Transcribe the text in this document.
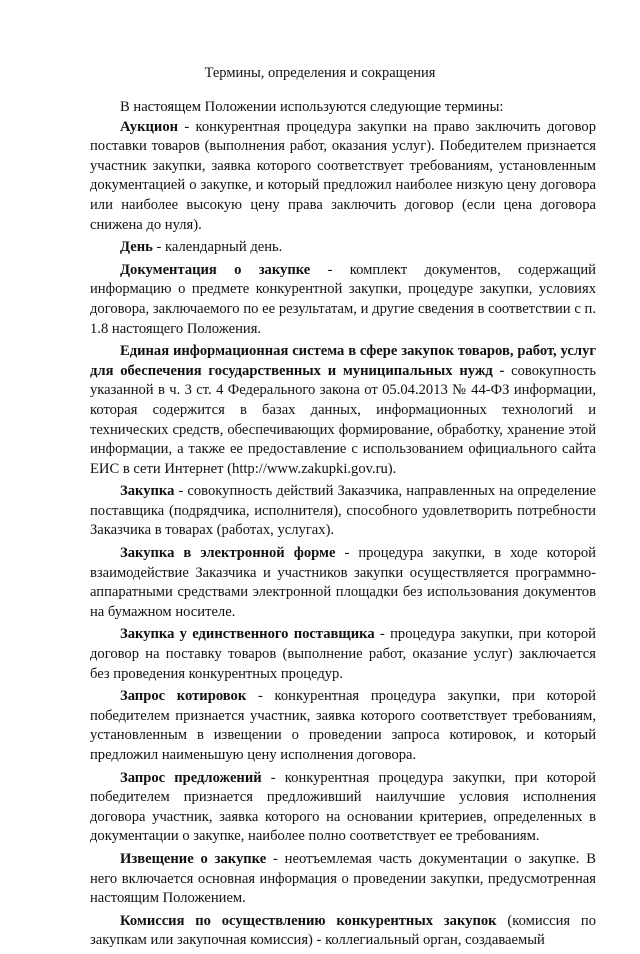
Термины, определения и сокращения

В настоящем Положении используются следующие термины:

Аукцион - конкурентная процедура закупки на право заключить договор поставки товаров (выполнения работ, оказания услуг). Победителем признается участник закупки, заявка которого соответствует требованиям, установленным документацией о закупке, и который предложил наиболее низкую цену договора или наиболее высокую цену права заключить договор (если цена договора снижена до нуля).

День - календарный день.

Документация о закупке - комплект документов, содержащий информацию о предмете конкурентной закупки, процедуре закупки, условиях договора, заключаемого по ее результатам, и другие сведения в соответствии с п. 1.8 настоящего Положения.

Единая информационная система в сфере закупок товаров, работ, услуг для обеспечения государственных и муниципальных нужд - совокупность указанной в ч. 3 ст. 4 Федерального закона от 05.04.2013 № 44-ФЗ информации, которая содержится в базах данных, информационных технологий и технических средств, обеспечивающих формирование, обработку, хранение этой информации, а также ее предоставление с использованием официального сайта ЕИС в сети Интернет (http://www.zakupki.gov.ru).

Закупка - совокупность действий Заказчика, направленных на определение поставщика (подрядчика, исполнителя), способного удовлетворить потребности Заказчика в товарах (работах, услугах).

Закупка в электронной форме - процедура закупки, в ходе которой взаимодействие Заказчика и участников закупки осуществляется программно-аппаратными средствами электронной площадки без использования документов на бумажном носителе.

Закупка у единственного поставщика - процедура закупки, при которой договор на поставку товаров (выполнение работ, оказание услуг) заключается без проведения конкурентных процедур.

Запрос котировок - конкурентная процедура закупки, при которой победителем признается участник, заявка которого соответствует требованиям, установленным в извещении о проведении запроса котировок, и который предложил наименьшую цену исполнения договора.

Запрос предложений - конкурентная процедура закупки, при которой победителем признается предложивший наилучшие условия исполнения договора участник, заявка которого на основании критериев, определенных в документации о закупке, наиболее полно соответствует ее требованиям.

Извещение о закупке - неотъемлемая часть документации о закупке. В него включается основная информация о проведении закупки, предусмотренная настоящим Положением.

Комиссия по осуществлению конкурентных закупок (комиссия по закупкам или закупочная комиссия) - коллегиальный орган, создаваемый
